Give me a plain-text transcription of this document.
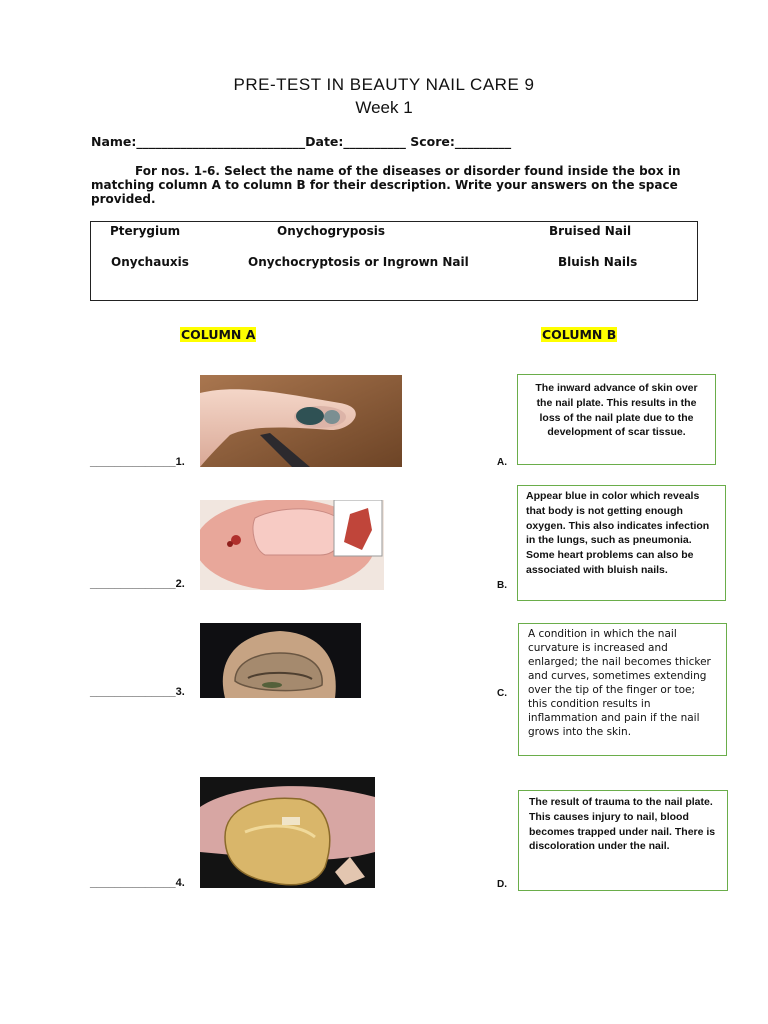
PRE-TEST IN BEAUTY NAIL CARE 9
Week 1
Name:___________________________Date:__________ Score:_________
For nos. 1-6. Select the name of the diseases or disorder found inside the box in matching column A to column B for their description. Write your answers on the space provided.
Pterygium	Onychogryposis	Bruised Nail
Onychauxis	Onychocryptosis or Ingrown Nail	Bluish Nails
COLUMN A	COLUMN B
______________1.
______________2.
______________3.
______________4.
A.
The inward advance of skin over the nail plate. This results in the loss of the nail plate due to the development of scar tissue.
B.
Appear blue in color which reveals that body is not getting enough oxygen. This also indicates infection in the lungs, such as pneumonia. Some heart problems can also be associated with bluish nails.
C.
A condition in which the nail curvature is increased and enlarged; the nail becomes thicker and curves, sometimes extending over the tip of the finger or toe; this condition results in inflammation and pain if the nail grows into the skin.
D.
The result of trauma to the nail plate. This causes injury to nail, blood becomes trapped under nail. There is discoloration under the nail.
